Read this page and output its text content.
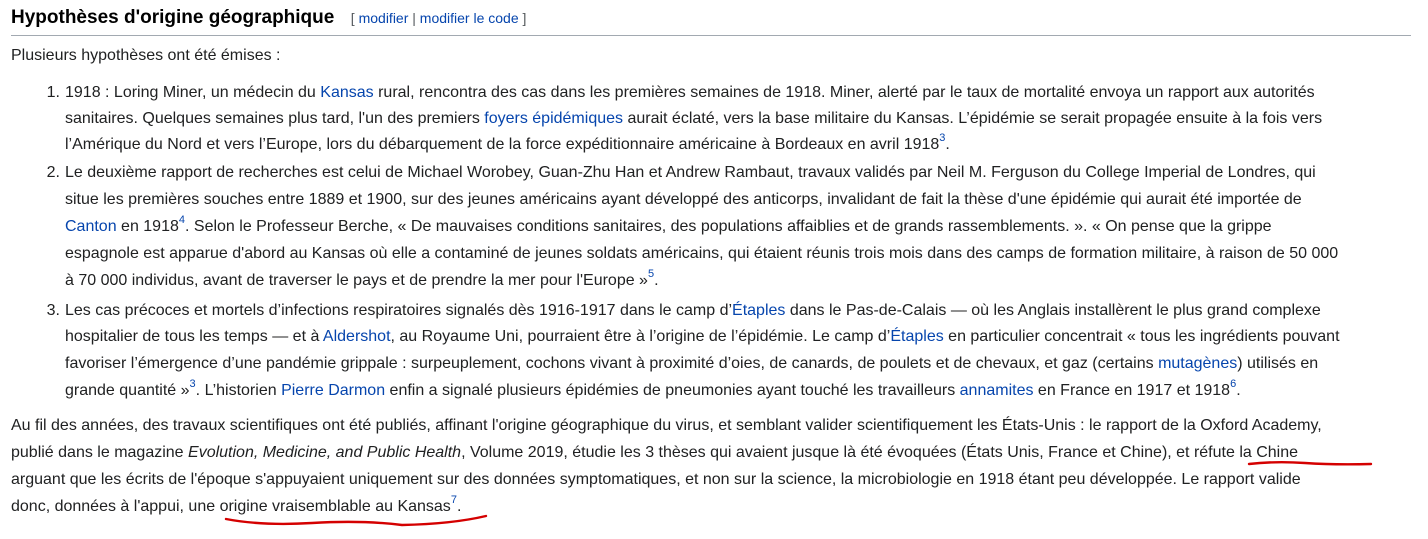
Hypothèses d'origine géographique [ modifier | modifier le code ]
Plusieurs hypothèses ont été émises :
1. 1918 : Loring Miner, un médecin du Kansas rural, rencontra des cas dans les premières semaines de 1918. Miner, alerté par le taux de mortalité envoya un rapport aux autorités
sanitaires. Quelques semaines plus tard, l'un des premiers foyers épidémiques aurait éclaté, vers la base militaire du Kansas. L’épidémie se serait propagée ensuite à la fois vers
l’Amérique du Nord et vers l’Europe, lors du débarquement de la force expéditionnaire américaine à Bordeaux en avril 1918$^3$.
2. Le deuxième rapport de recherches est celui de Michael Worobey, Guan-Zhu Han et Andrew Rambaut, travaux validés par Neil M. Ferguson du College Imperial de Londres, qui
situe les premières souches entre 1889 et 1900, sur des jeunes américains ayant développé des anticorps, invalidant de fait la thèse d'une épidémie qui aurait été importée de
Canton en 1918$^4$. Selon le Professeur Berche, « De mauvaises conditions sanitaires, des populations affaiblies et de grands rassemblements. ». « On pense que la grippe
espagnole est apparue d'abord au Kansas où elle a contaminé de jeunes soldats américains, qui étaient réunis trois mois dans des camps de formation militaire, à raison de 50 000
à 70 000 individus, avant de traverser le pays et de prendre la mer pour l'Europe »$^5$.
3. Les cas précoces et mortels d’infections respiratoires signalés dès 1916-1917 dans le camp d’Étaples dans le Pas-de-Calais — où les Anglais installèrent le plus grand complexe
hospitalier de tous les temps — et à Aldershot, au Royaume Uni, pourraient être à l’origine de l’épidémie. Le camp d’Étaples en particulier concentrait « tous les ingrédients pouvant
favoriser l’émergence d’une pandémie grippale : surpeuplement, cochons vivant à proximité d’oies, de canards, de poulets et de chevaux, et gaz (certains mutagènes) utilisés en
grande quantité »$^3$. L’historien Pierre Darmon enfin a signalé plusieurs épidémies de pneumonies ayant touché les travailleurs annamites en France en 1917 et 1918$^6$.
Au fil des années, des travaux scientifiques ont été publiés, affinant l'origine géographique du virus, et semblant valider scientifiquement les États-Unis : le rapport de la Oxford Academy,
publié dans le magazine Evolution, Medicine, and Public Health, Volume 2019, étudie les 3 thèses qui avaient jusque là été évoquées (États Unis, France et Chine), et réfute la Chine
arguant que les écrits de l'époque s'appuyaient uniquement sur des données symptomatiques, et non sur la science, la microbiologie en 1918 étant peu développée. Le rapport valide
donc, données à l'appui, une origine vraisemblable au Kansas$^7$.
